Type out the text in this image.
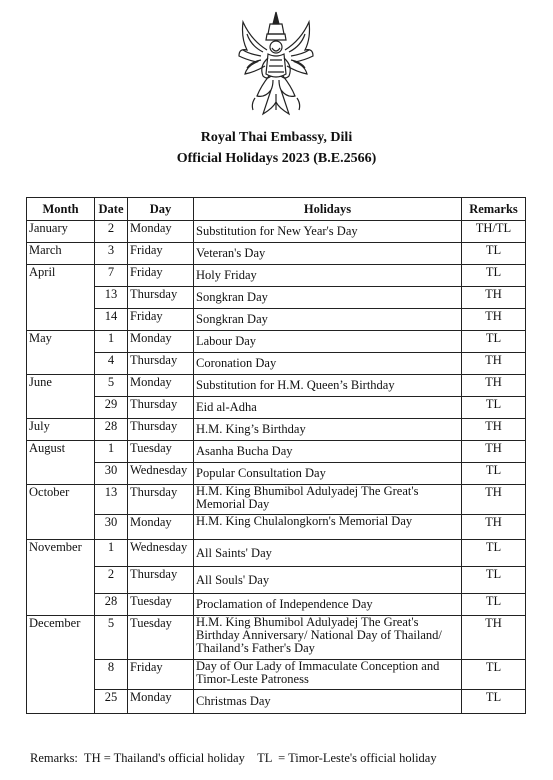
Royal Thai Embassy, Dili
Official Holidays 2023 (B.E.2566)
Month	Date	Day	Holidays	Remarks
January	2	Monday	Substitution for New Year's Day	TH/TL
March	3	Friday	Veteran's Day	TL
April	7	Friday	Holy Friday	TL
	13	Thursday	Songkran Day	TH
	14	Friday	Songkran Day	TH
May	1	Monday	Labour Day	TL
	4	Thursday	Coronation Day	TH
June	5	Monday	Substitution for H.M. Queen’s Birthday	TH
	29	Thursday	Eid al-Adha	TL
July	28	Thursday	H.M. King’s Birthday	TH
August	1	Tuesday	Asanha Bucha Day	TH
	30	Wednesday	Popular Consultation Day	TL
October	13	Thursday	H.M. King Bhumibol Adulyadej The Great's Memorial Day	TH
	30	Monday	H.M. King Chulalongkorn's Memorial Day	TH
November	1	Wednesday	All Saints' Day	TL
	2	Thursday	All Souls' Day	TL
	28	Tuesday	Proclamation of Independence Day	TL
December	5	Tuesday	H.M. King Bhumibol Adulyadej The Great's Birthday Anniversary/ National Day of Thailand/ Thailand’s Father's Day	TH
	8	Friday	Day of Our Lady of Immaculate Conception and Timor-Leste Patroness	TL
	25	Monday	Christmas Day	TL
Remarks:  TH = Thailand's official holiday    TL  = Timor-Leste's official holiday
